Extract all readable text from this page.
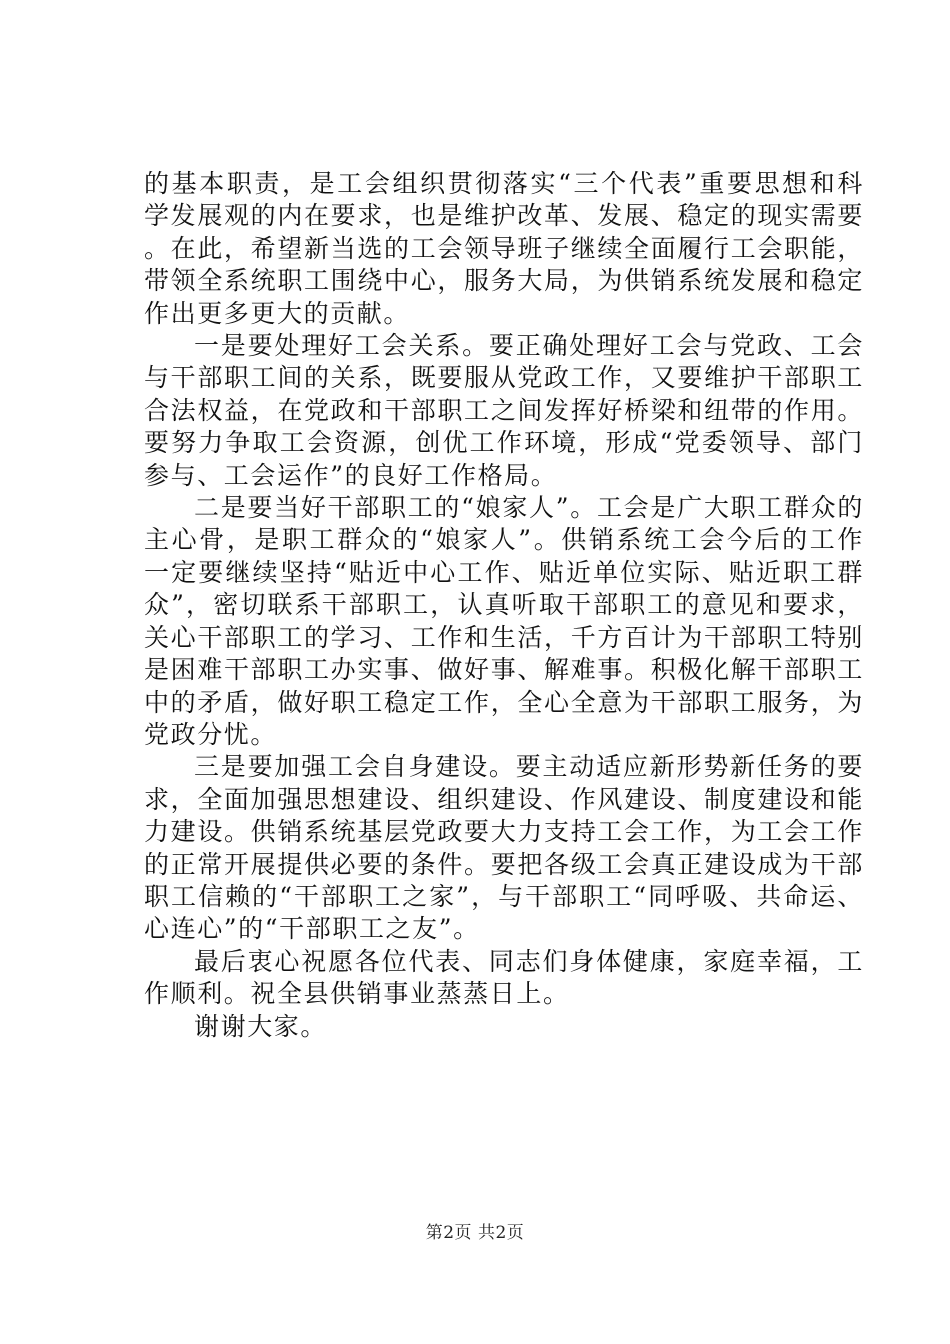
的基本职责，是工会组织贯彻落实“三个代表”重要思想和科学发展观的内在要求，也是维护改革、发展、稳定的现实需要。在此，希望新当选的工会领导班子继续全面履行工会职能，带领全系统职工围绕中心，服务大局，为供销系统发展和稳定作出更多更大的贡献。

一是要处理好工会关系。要正确处理好工会与党政、工会与干部职工间的关系，既要服从党政工作，又要维护干部职工合法权益，在党政和干部职工之间发挥好桥梁和纽带的作用。要努力争取工会资源，创优工作环境，形成“党委领导、部门参与、工会运作”的良好工作格局。

二是要当好干部职工的“娘家人”。工会是广大职工群众的主心骨，是职工群众的“娘家人”。供销系统工会今后的工作一定要继续坚持“贴近中心工作、贴近单位实际、贴近职工群众”，密切联系干部职工，认真听取干部职工的意见和要求，关心干部职工的学习、工作和生活，千方百计为干部职工特别是困难干部职工办实事、做好事、解难事。积极化解干部职工中的矛盾，做好职工稳定工作，全心全意为干部职工服务，为党政分忧。

三是要加强工会自身建设。要主动适应新形势新任务的要求，全面加强思想建设、组织建设、作风建设、制度建设和能力建设。供销系统基层党政要大力支持工会工作，为工会工作的正常开展提供必要的条件。要把各级工会真正建设成为干部职工信赖的“干部职工之家”，与干部职工“同呼吸、共命运、心连心”的“干部职工之友”。

最后衷心祝愿各位代表、同志们身体健康，家庭幸福，工作顺利。祝全县供销事业蒸蒸日上。

谢谢大家。

第2页 共2页
